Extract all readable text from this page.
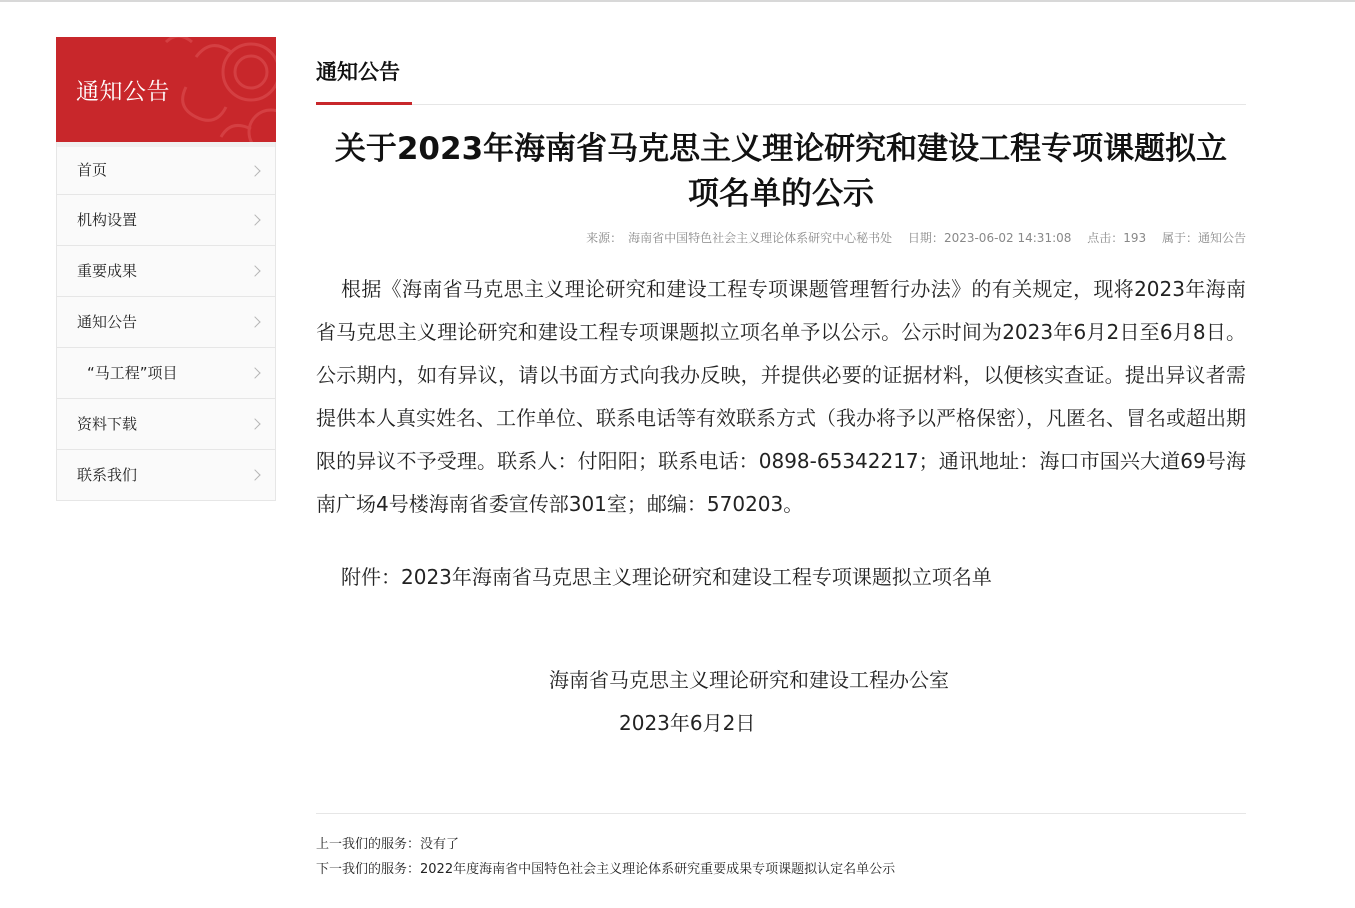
通知公告
首页
机构设置
重要成果
通知公告
“马工程”项目
资料下载
联系我们
通知公告
关于2023年海南省马克思主义理论研究和建设工程专项课题拟立项名单的公示
来源： 海南省中国特色社会主义理论体系研究中心秘书处 日期：2023-06-02 14:31:08 点击：193 属于：通知公告
根据《海南省马克思主义理论研究和建设工程专项课题管理暂行办法》的有关规定，现将2023年海南省马克思主义理论研究和建设工程专项课题拟立项名单予以公示。公示时间为2023年6月2日至6月8日。公示期内，如有异议，请以书面方式向我办反映，并提供必要的证据材料，以便核实查证。提出异议者需提供本人真实姓名、工作单位、联系电话等有效联系方式（我办将予以严格保密），凡匿名、冒名或超出期限的异议不予受理。联系人：付阳阳；联系电话：0898-65342217；通讯地址：海口市国兴大道69号海南广场4号楼海南省委宣传部301室；邮编：570203。
附件：2023年海南省马克思主义理论研究和建设工程专项课题拟立项名单
海南省马克思主义理论研究和建设工程办公室
2023年6月2日
上一我们的服务：没有了
下一我们的服务：2022年度海南省中国特色社会主义理论体系研究重要成果专项课题拟认定名单公示
